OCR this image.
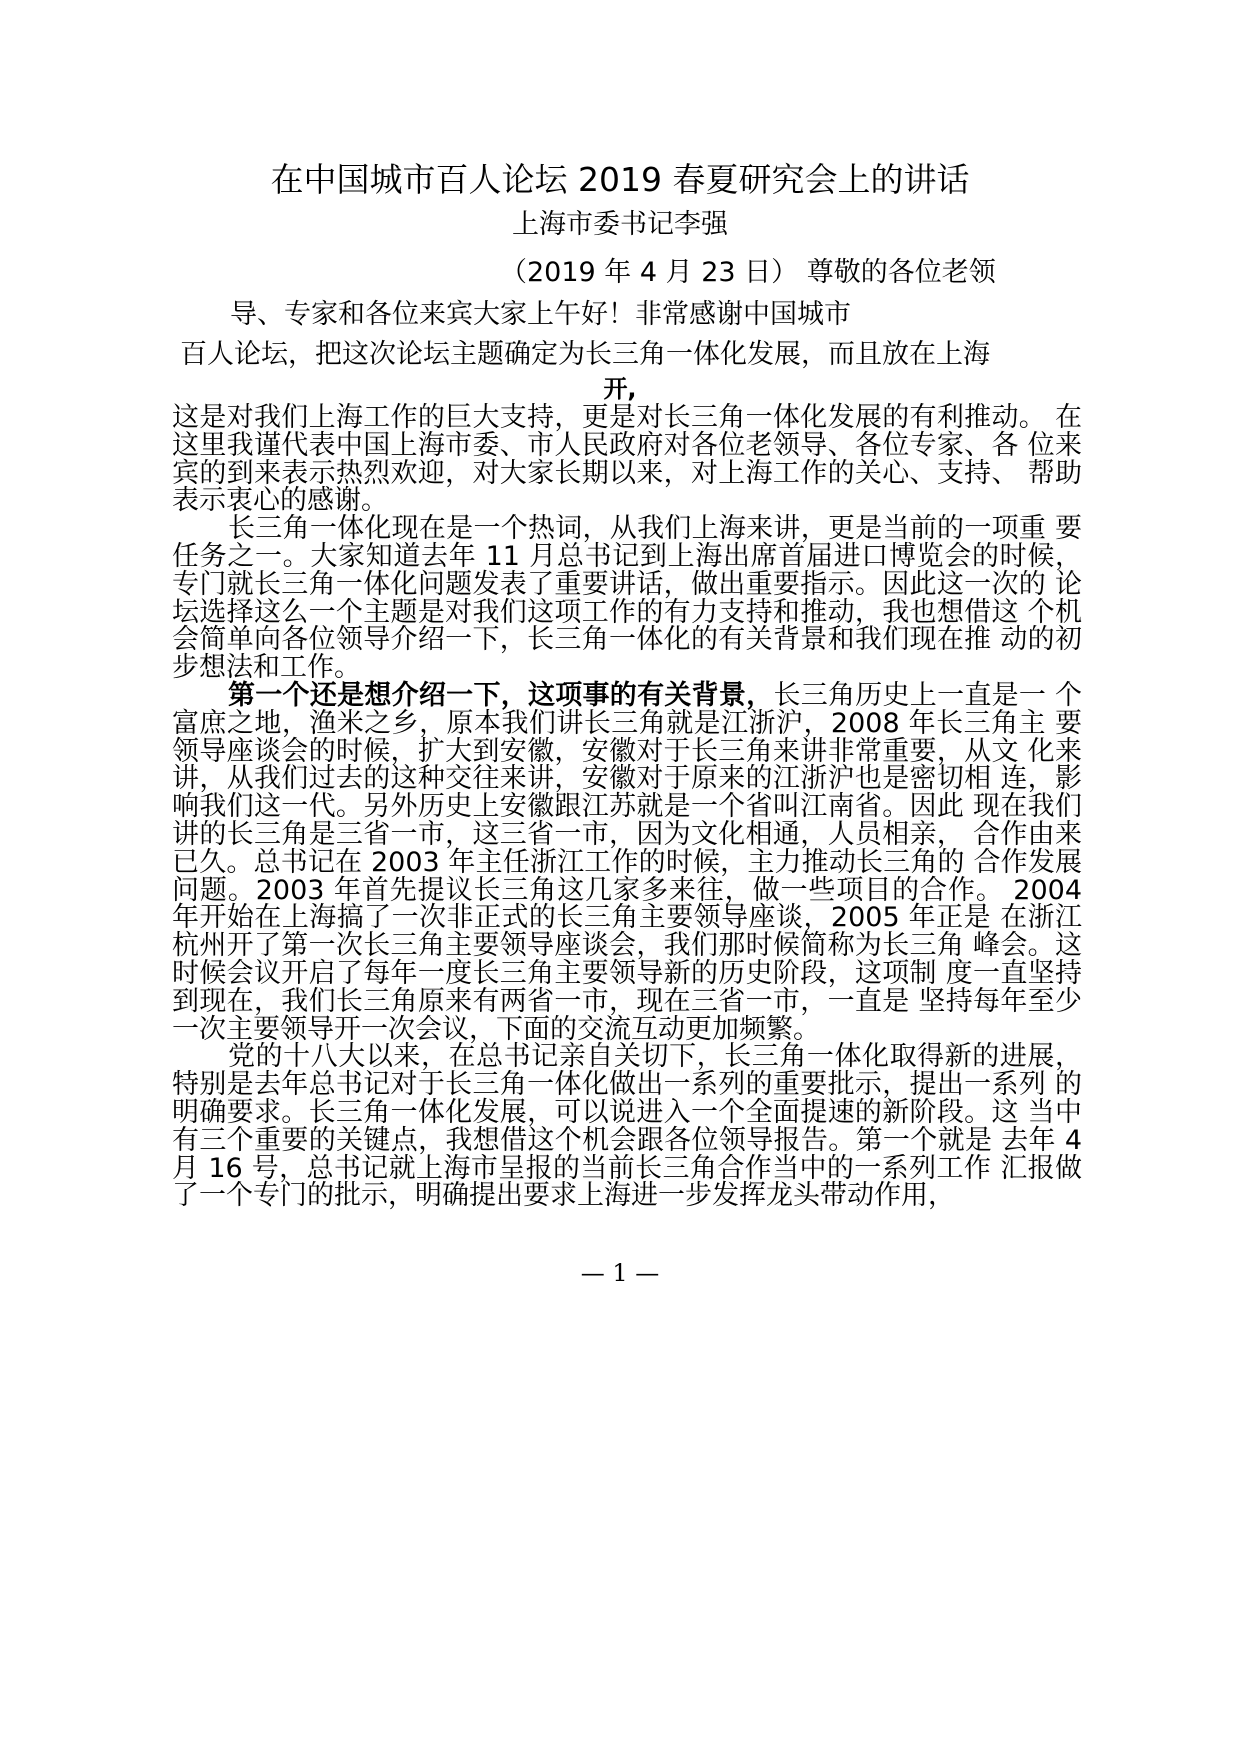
在中国城市百人论坛 2019 春夏研究会上的讲话
上海市委书记李强
（2019 年 4 月 23 日） 尊敬的各位老领
导、专家和各位来宾大家上午好！非常感谢中国城市
百人论坛，把这次论坛主题确定为长三角一体化发展，而且放在上海
开,

这是对我们上海工作的巨大支持，更是对长三角一体化发展的有利推动。 在这里我谨代表中国上海市委、市人民政府对各位老领导、各位专家、各 位来宾的到来表示热烈欢迎，对大家长期以来，对上海工作的关心、支持、 帮助表示衷心的感谢。

长三角一体化现在是一个热词，从我们上海来讲，更是当前的一项重 要任务之一。大家知道去年 11 月总书记到上海出席首届进口博览会的时候， 专门就长三角一体化问题发表了重要讲话，做出重要指示。因此这一次的 论坛选择这么一个主题是对我们这项工作的有力支持和推动，我也想借这 个机会简单向各位领导介绍一下，长三角一体化的有关背景和我们现在推 动的初步想法和工作。

第一个还是想介绍一下，这项事的有关背景，长三角历史上一直是一 个富庶之地，渔米之乡，原本我们讲长三角就是江浙沪，2008 年长三角主 要领导座谈会的时候，扩大到安徽，安徽对于长三角来讲非常重要，从文 化来讲，从我们过去的这种交往来讲，安徽对于原来的江浙沪也是密切相 连，影响我们这一代。另外历史上安徽跟江苏就是一个省叫江南省。因此 现在我们讲的长三角是三省一市，这三省一市，因为文化相通，人员相亲， 合作由来已久。总书记在 2003 年主任浙江工作的时候，主力推动长三角的 合作发展问题。2003 年首先提议长三角这几家多来往，做一些项目的合作。 2004 年开始在上海搞了一次非正式的长三角主要领导座谈，2005 年正是 在浙江杭州开了第一次长三角主要领导座谈会，我们那时候简称为长三角 峰会。这时候会议开启了每年一度长三角主要领导新的历史阶段，这项制 度一直坚持到现在，我们长三角原来有两省一市，现在三省一市，一直是 坚持每年至少一次主要领导开一次会议，下面的交流互动更加频繁。

党的十八大以来，在总书记亲自关切下，长三角一体化取得新的进展， 特别是去年总书记对于长三角一体化做出一系列的重要批示，提出一系列 的明确要求。长三角一体化发展，可以说进入一个全面提速的新阶段。这 当中有三个重要的关键点，我想借这个机会跟各位领导报告。第一个就是 去年 4 月 16 号，总书记就上海市呈报的当前长三角合作当中的一系列工作 汇报做了一个专门的批示，明确提出要求上海进一步发挥龙头带动作用，

— 1 —
